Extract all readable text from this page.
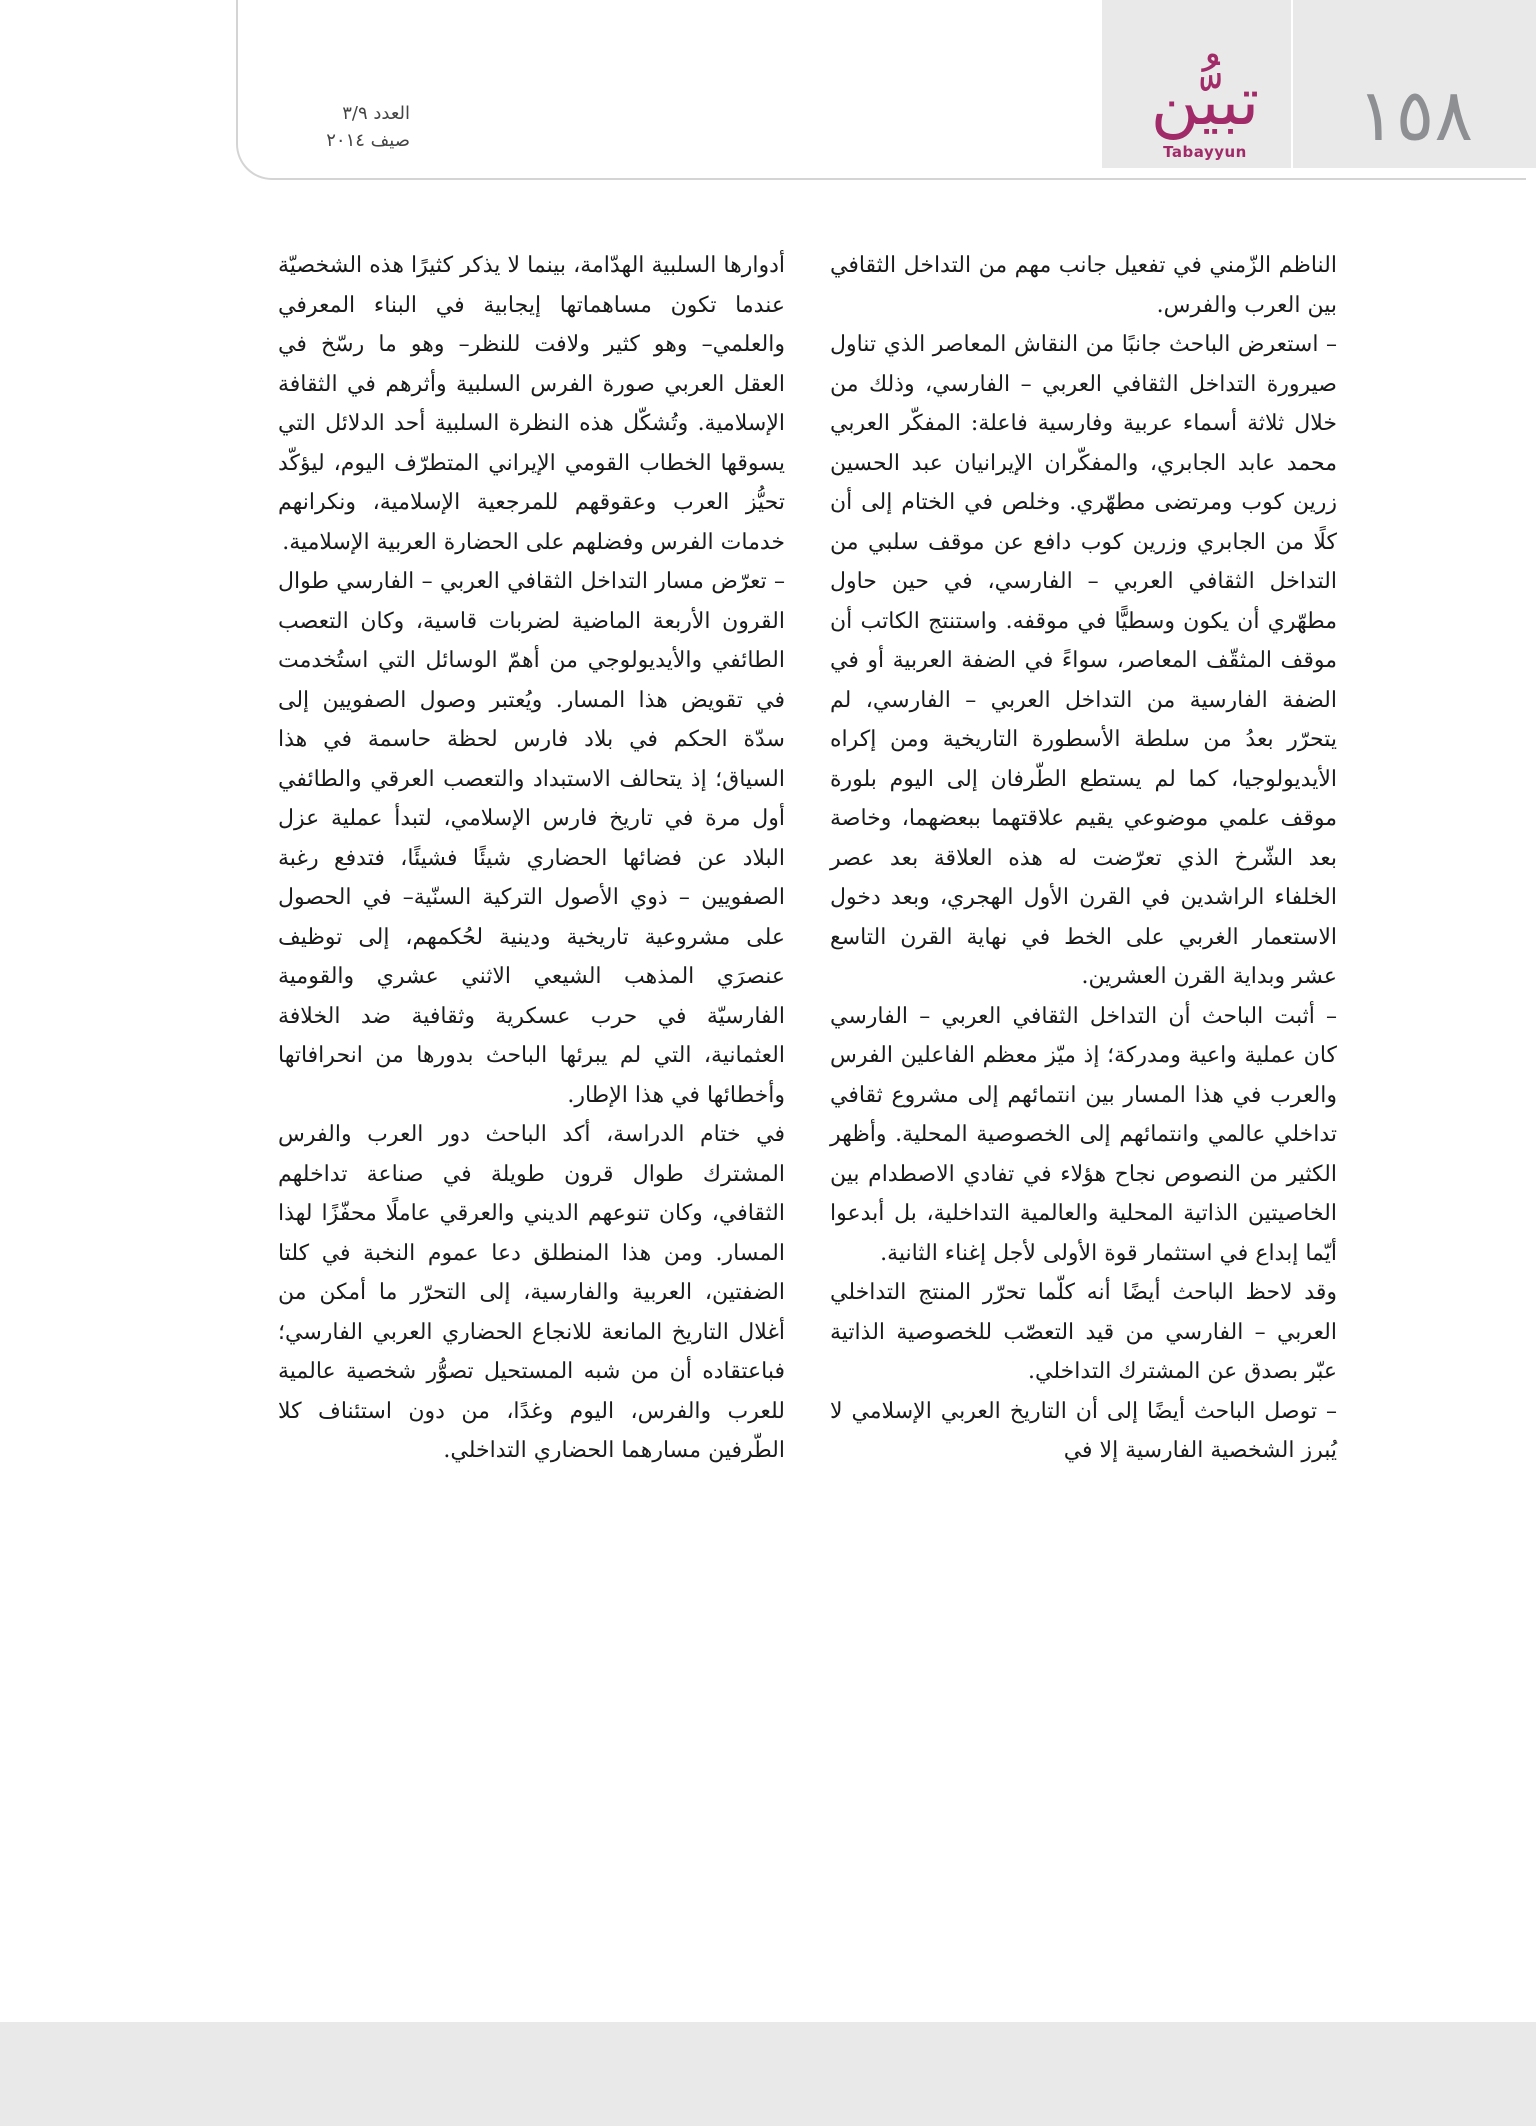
١٥٨
تبيُّن
Tabayyun
العدد ٣/٩
صيف ٢٠١٤

الناظم الزّمني في تفعيل جانب مهم من التداخل الثقافي بين العرب والفرس.

– استعرض الباحث جانبًا من النقاش المعاصر الذي تناول صيرورة التداخل الثقافي العربي – الفارسي، وذلك من خلال ثلاثة أسماء عربية وفارسية فاعلة: المفكّر العربي محمد عابد الجابري، والمفكّران الإيرانيان عبد الحسين زرين كوب ومرتضى مطهّري. وخلص في الختام إلى أن كلًا من الجابري وزرين كوب دافع عن موقف سلبي من التداخل الثقافي العربي – الفارسي، في حين حاول مطهّري أن يكون وسطيًّا في موقفه. واستنتج الكاتب أن موقف المثقّف المعاصر، سواءً في الضفة العربية أو في الضفة الفارسية من التداخل العربي – الفارسي، لم يتحرّر بعدُ من سلطة الأسطورة التاريخية ومن إكراه الأيديولوجيا، كما لم يستطع الطّرفان إلى اليوم بلورة موقف علمي موضوعي يقيم علاقتهما ببعضهما، وخاصة بعد الشّرخ الذي تعرّضت له هذه العلاقة بعد عصر الخلفاء الراشدين في القرن الأول الهجري، وبعد دخول الاستعمار الغربي على الخط في نهاية القرن التاسع عشر وبداية القرن العشرين.

– أثبت الباحث أن التداخل الثقافي العربي – الفارسي كان عملية واعية ومدركة؛ إذ ميّز معظم الفاعلين الفرس والعرب في هذا المسار بين انتمائهم إلى مشروع ثقافي تداخلي عالمي وانتمائهم إلى الخصوصية المحلية. وأظهر الكثير من النصوص نجاح هؤلاء في تفادي الاصطدام بين الخاصيتين الذاتية المحلية والعالمية التداخلية، بل أبدعوا أيّما إبداع في استثمار قوة الأولى لأجل إغناء الثانية.

وقد لاحظ الباحث أيضًا أنه كلّما تحرّر المنتج التداخلي العربي – الفارسي من قيد التعصّب للخصوصية الذاتية عبّر بصدق عن المشترك التداخلي.

– توصل الباحث أيضًا إلى أن التاريخ العربي الإسلامي لا يُبرز الشخصية الفارسية إلا في

أدوارها السلبية الهدّامة، بينما لا يذكر كثيرًا هذه الشخصيّة عندما تكون مساهماتها إيجابية في البناء المعرفي والعلمي– وهو كثير ولافت للنظر– وهو ما رسّخ في العقل العربي صورة الفرس السلبية وأثرهم في الثقافة الإسلامية. وتُشكّل هذه النظرة السلبية أحد الدلائل التي يسوقها الخطاب القومي الإيراني المتطرّف اليوم، ليؤكّد تحيُّز العرب وعقوقهم للمرجعية الإسلامية، ونكرانهم خدمات الفرس وفضلهم على الحضارة العربية الإسلامية.

– تعرّض مسار التداخل الثقافي العربي – الفارسي طوال القرون الأربعة الماضية لضربات قاسية، وكان التعصب الطائفي والأيديولوجي من أهمّ الوسائل التي استُخدمت في تقويض هذا المسار. ويُعتبر وصول الصفويين إلى سدّة الحكم في بلاد فارس لحظة حاسمة في هذا السياق؛ إذ يتحالف الاستبداد والتعصب العرقي والطائفي أول مرة في تاريخ فارس الإسلامي، لتبدأ عملية عزل البلاد عن فضائها الحضاري شيئًا فشيئًا، فتدفع رغبة الصفويين – ذوي الأصول التركية السنّية– في الحصول على مشروعية تاريخية ودينية لحُكمهم، إلى توظيف عنصرَي المذهب الشيعي الاثني عشري والقومية الفارسيّة في حرب عسكرية وثقافية ضد الخلافة العثمانية، التي لم يبرئها الباحث بدورها من انحرافاتها وأخطائها في هذا الإطار.

في ختام الدراسة، أكد الباحث دور العرب والفرس المشترك طوال قرون طويلة في صناعة تداخلهم الثقافي، وكان تنوعهم الديني والعرقي عاملًا محفّزًا لهذا المسار. ومن هذا المنطلق دعا عموم النخبة في كلتا الضفتين، العربية والفارسية، إلى التحرّر ما أمكن من أغلال التاريخ المانعة للانجاع الحضاري العربي الفارسي؛ فباعتقاده أن من شبه المستحيل تصوُّر شخصية عالمية للعرب والفرس، اليوم وغدًا، من دون استئناف كلا الطّرفين مسارهما الحضاري التداخلي.
